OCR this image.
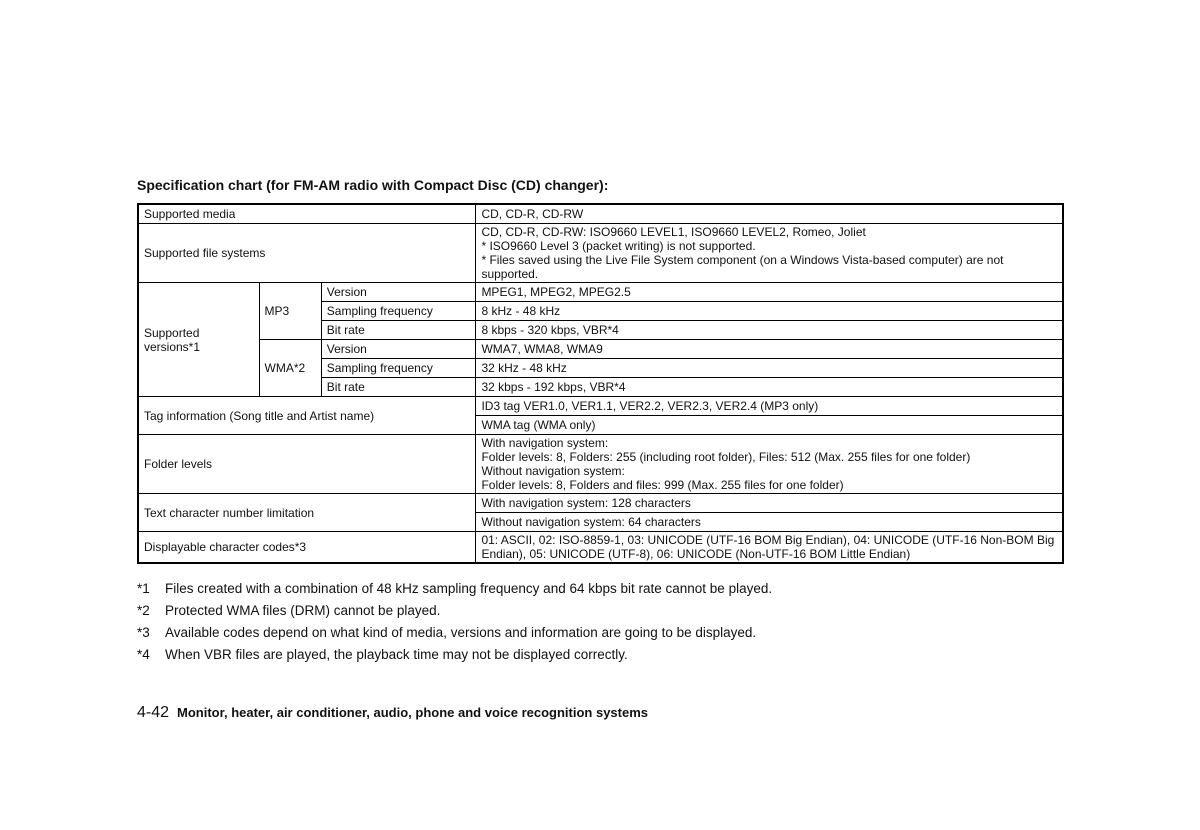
Specification chart (for FM-AM radio with Compact Disc (CD) changer):
Supported media			CD, CD-R, CD-RW
Supported file systems			CD, CD-R, CD-RW: ISO9660 LEVEL1, ISO9660 LEVEL2, Romeo, Joliet
* ISO9660 Level 3 (packet writing) is not supported.
* Files saved using the Live File System component (on a Windows Vista-based computer) are not supported.

Supported versions*1	MP3	Version	MPEG1, MPEG2, MPEG2.5
		Sampling frequency	8 kHz - 48 kHz
		Bit rate	8 kbps - 320 kbps, VBR*4
	WMA*2	Version	WMA7, WMA8, WMA9
		Sampling frequency	32 kHz - 48 kHz
		Bit rate	32 kbps - 192 kbps, VBR*4
Tag information (Song title and Artist name)			ID3 tag VER1.0, VER1.1, VER2.2, VER2.3, VER2.4 (MP3 only)
			WMA tag (WMA only)
Folder levels			With navigation system:
Folder levels: 8, Folders: 255 (including root folder), Files: 512 (Max. 255 files for one folder)
Without navigation system:
Folder levels: 8, Folders and files: 999 (Max. 255 files for one folder)

Text character number limitation			With navigation system: 128 characters
			Without navigation system: 64 characters
Displayable character codes*3			01: ASCII, 02: ISO-8859-1, 03: UNICODE (UTF-16 BOM Big Endian), 04: UNICODE (UTF-16 Non-BOM Big Endian), 05: UNICODE (UTF-8), 06: UNICODE (Non-UTF-16 BOM Little Endian)
*1 Files created with a combination of 48 kHz sampling frequency and 64 kbps bit rate cannot be played.
*2 Protected WMA files (DRM) cannot be played.
*3 Available codes depend on what kind of media, versions and information are going to be displayed.
*4 When VBR files are played, the playback time may not be displayed correctly.
4-42 Monitor, heater, air conditioner, audio, phone and voice recognition systems
